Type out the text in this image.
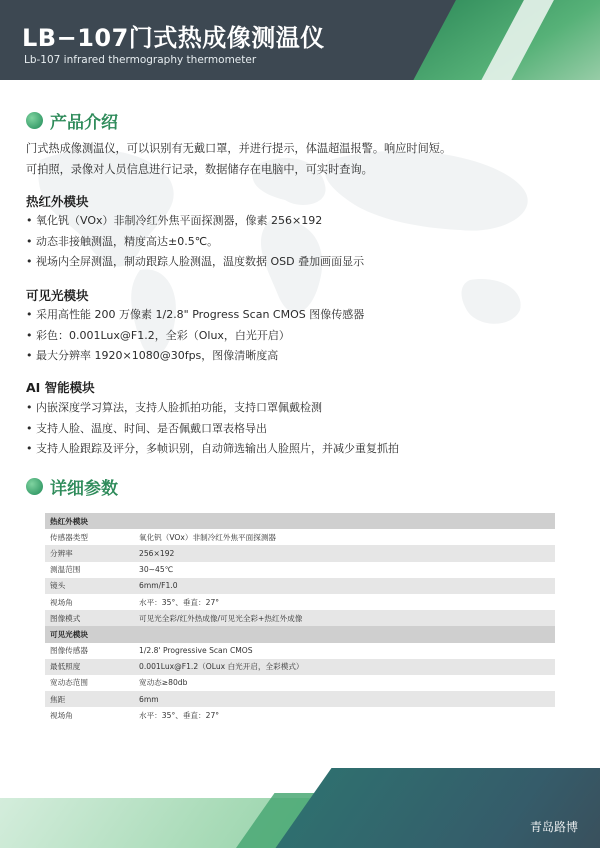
LB−107门式热成像测温仪
Lb-107 infrared thermography thermometer
产品介绍

门式热成像测温仪，可以识别有无戴口罩，并进行提示，体温超温报警。响应时间短。

可拍照，录像对人员信息进行记录，数据储存在电脑中，可实时查询。

热红外模块
• 氧化钒（VOx）非制冷红外焦平面探测器，像素 256×192
• 动态非接触测温，精度高达±0.5℃。
• 视场内全屏测温，制动跟踪人脸测温，温度数据 OSD 叠加画面显示
可见光模块
• 采用高性能 200 万像素 1/2.8" Progress Scan CMOS 图像传感器
• 彩色：0.001Lux@F1.2，全彩（Olux，白光开启）
• 最大分辨率 1920×1080@30fps，图像清晰度高
AI 智能模块
• 内嵌深度学习算法，支持人脸抓拍功能，支持口罩佩戴检测
• 支持人脸、温度、时间、是否佩戴口罩表格导出
• 支持人脸跟踪及评分，多帧识别，自动筛选输出人脸照片，并减少重复抓拍
详细参数
热红外模块	
传感器类型	氧化钒（VOx）非制冷红外焦平面探测器
分辨率	256×192
测温范围	30~45℃
镜头	6mm/F1.0
视场角	水平：35°、垂直：27°
图像模式	可见光全彩/红外热成像/可见光全彩+热红外成像
可见光模块	
图像传感器	1/2.8' Progressive Scan CMOS
最低照度	0.001Lux@F1.2（OLux 白光开启，全彩模式）
宽动态范围	宽动态≥80db
焦距	6mm
视场角	水平：35°、垂直：27°
青岛路博
